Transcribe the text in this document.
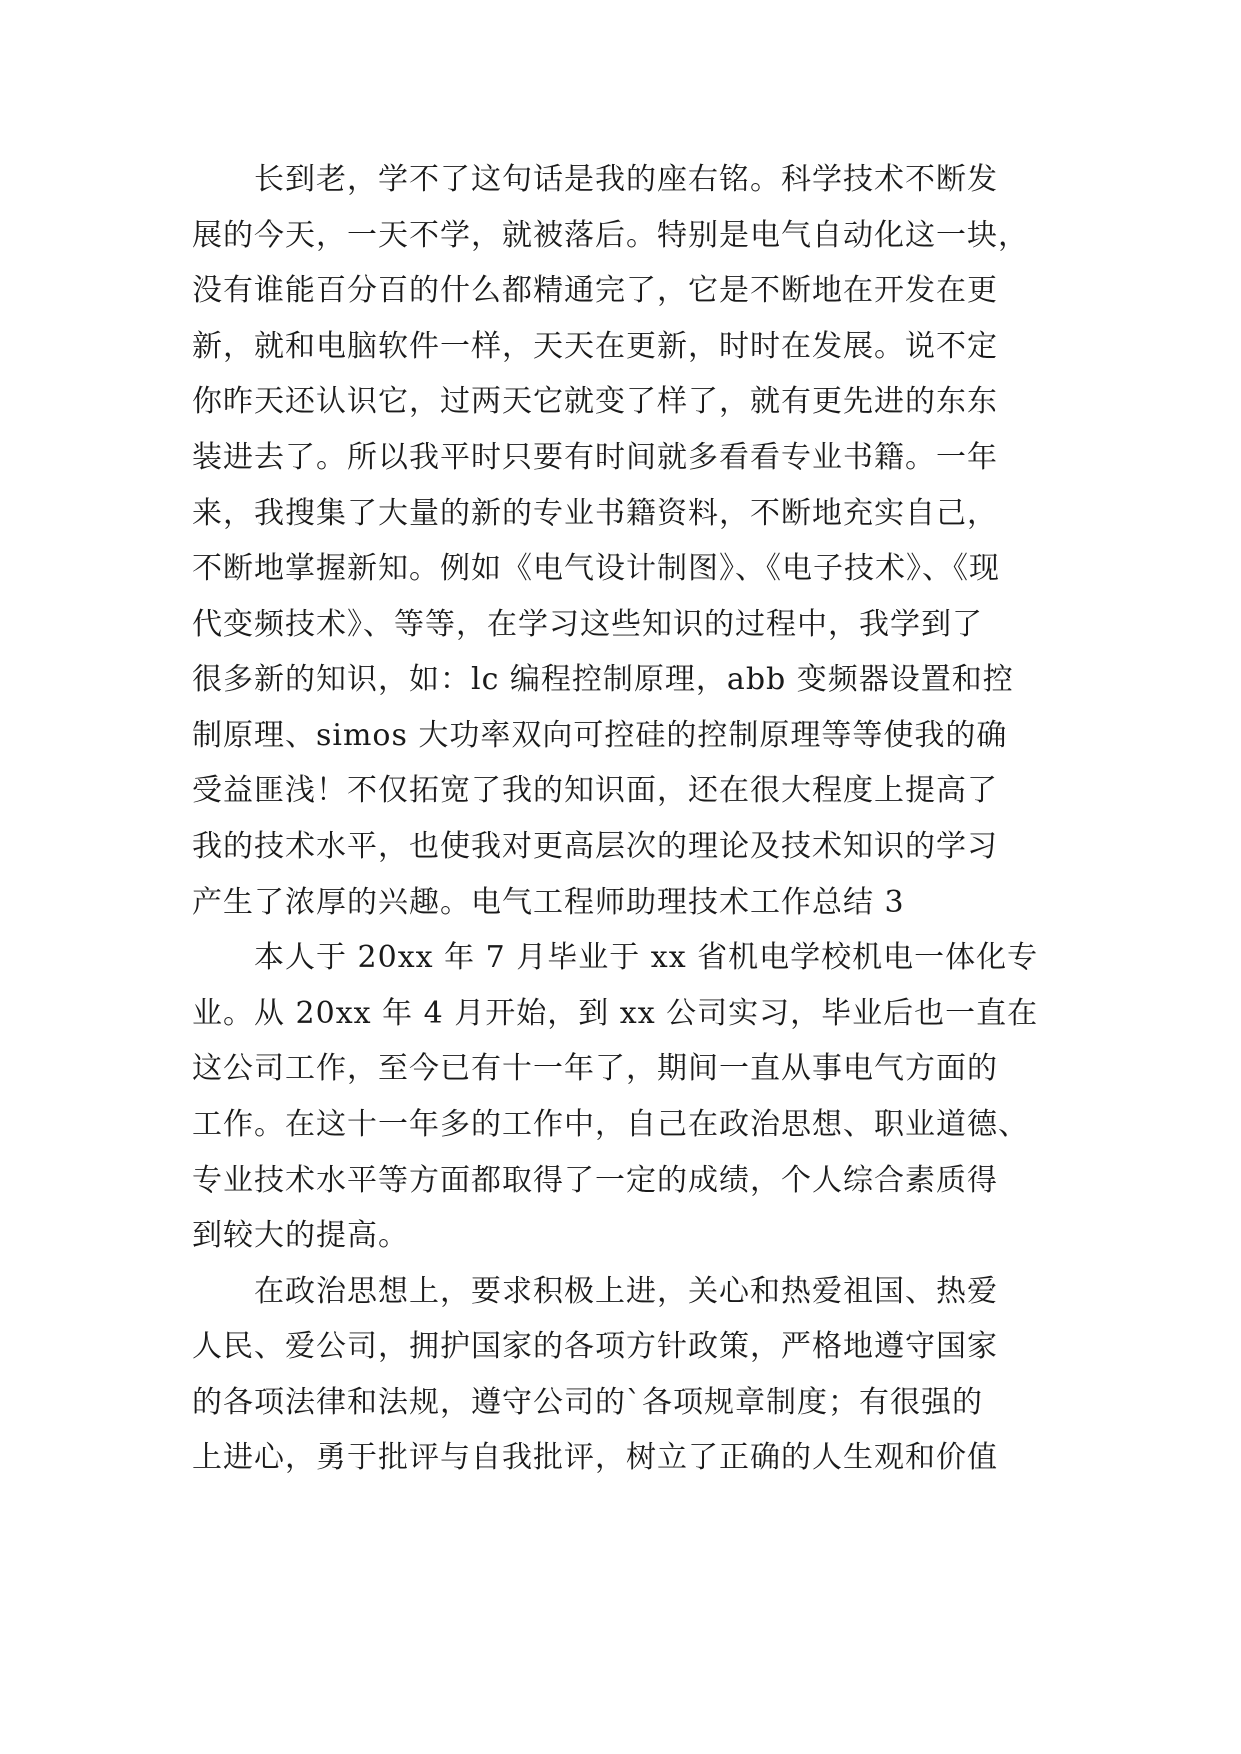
　　长到老，学不了这句话是我的座右铭。科学技术不断发
展的今天，一天不学，就被落后。特别是电气自动化这一块，
没有谁能百分百的什么都精通完了，它是不断地在开发在更
新，就和电脑软件一样，天天在更新，时时在发展。说不定
你昨天还认识它，过两天它就变了样了，就有更先进的东东
装进去了。所以我平时只要有时间就多看看专业书籍。一年
来，我搜集了大量的新的专业书籍资料，不断地充实自己，
不断地掌握新知。例如《电气设计制图》、《电子技术》、《现
代变频技术》、等等，在学习这些知识的过程中，我学到了
很多新的知识，如：lc 编程控制原理，abb 变频器设置和控
制原理、simos 大功率双向可控硅的控制原理等等使我的确
受益匪浅！不仅拓宽了我的知识面，还在很大程度上提高了
我的技术水平，也使我对更高层次的理论及技术知识的学习
产生了浓厚的兴趣。电气工程师助理技术工作总结 3
　　本人于 20xx 年 7 月毕业于 xx 省机电学校机电一体化专
业。从 20xx 年 4 月开始，到 xx 公司实习，毕业后也一直在
这公司工作，至今已有十一年了，期间一直从事电气方面的
工作。在这十一年多的工作中，自己在政治思想、职业道德、
专业技术水平等方面都取得了一定的成绩，个人综合素质得
到较大的提高。
　　在政治思想上，要求积极上进，关心和热爱祖国、热爱
人民、爱公司，拥护国家的各项方针政策，严格地遵守国家
的各项法律和法规，遵守公司的`各项规章制度；有很强的
上进心，勇于批评与自我批评，树立了正确的人生观和价值
